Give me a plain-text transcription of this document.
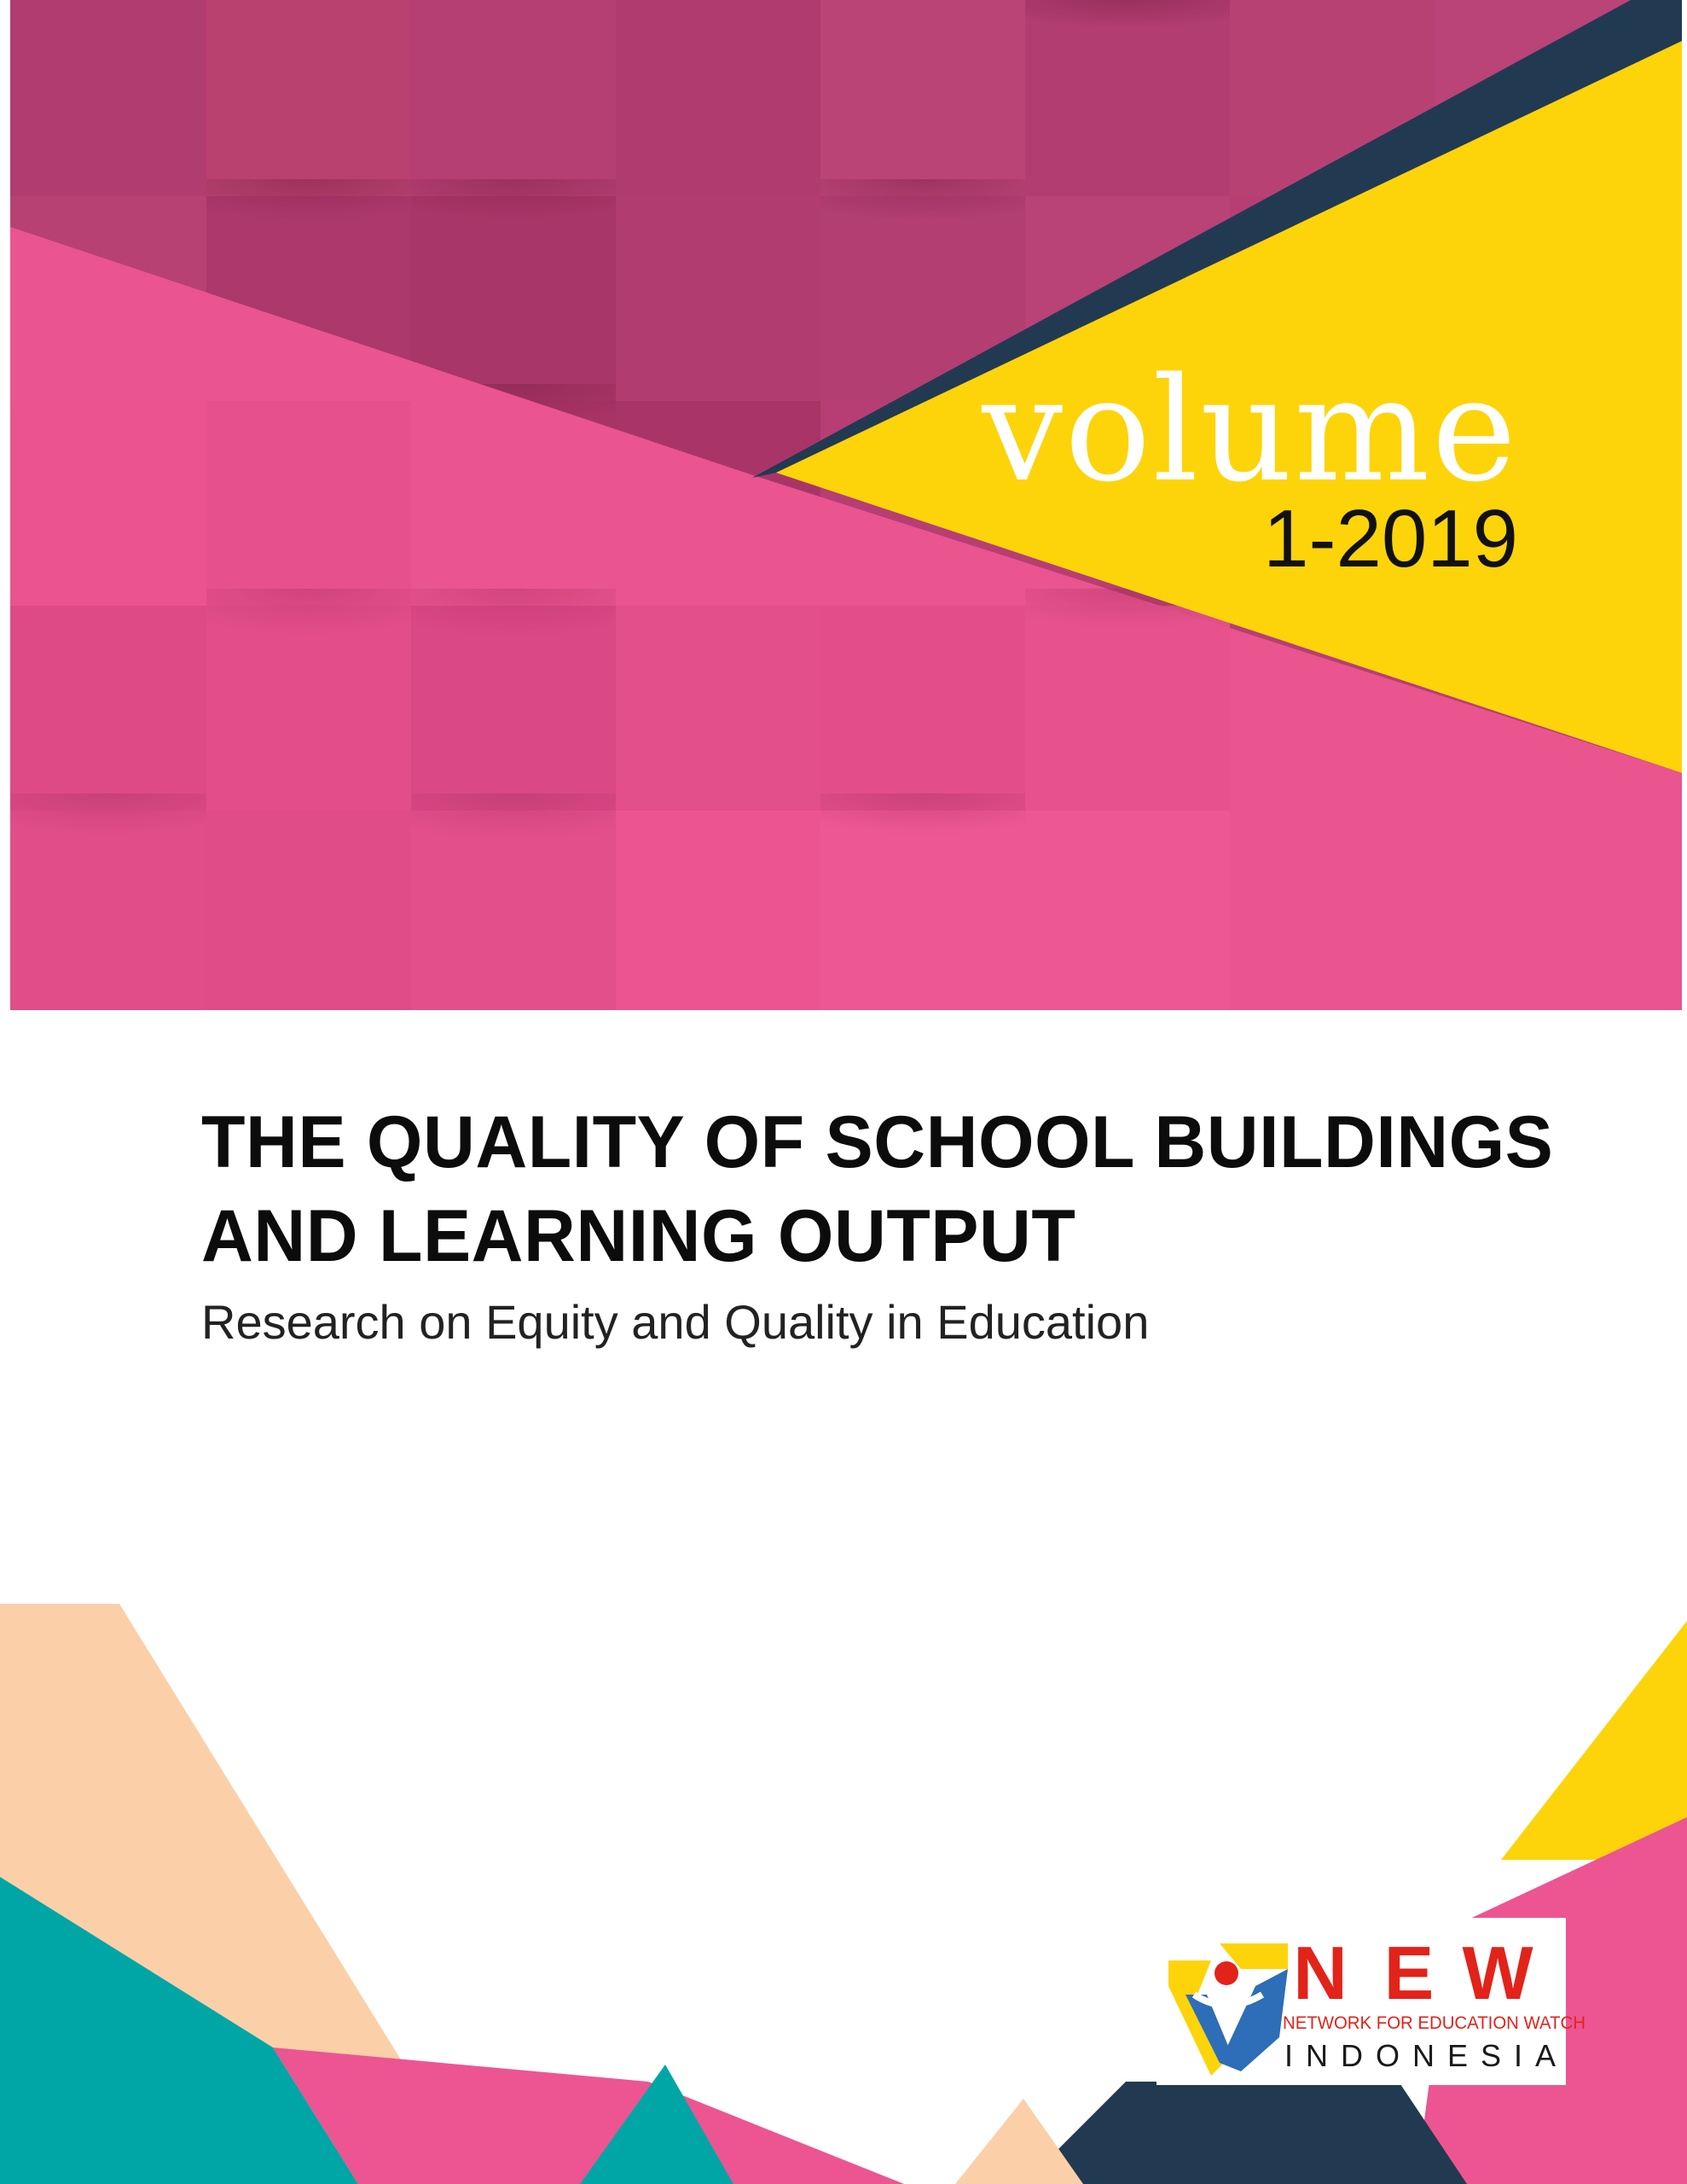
volume
1-2019
THE QUALITY OF SCHOOL BUILDINGS
AND LEARNING OUTPUT
Research on Equity and Quality in Education
N E W
NETWORK FOR EDUCATION WATCH
INDONESIA
